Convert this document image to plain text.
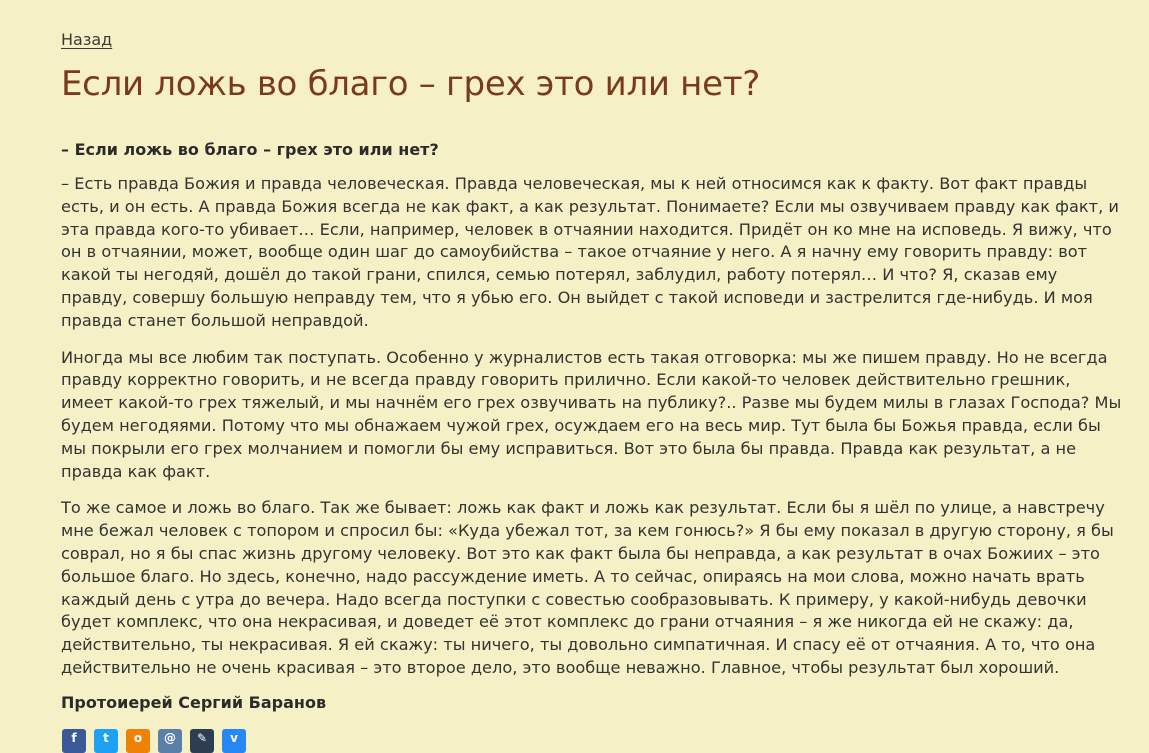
Назад
Если ложь во благо – грех это или нет?

– Если ложь во благо – грех это или нет?

– Есть правда Божия и правда человеческая. Правда человеческая, мы к ней относимся как к факту. Вот факт правды есть, и он есть. А правда Божия всегда не как факт, а как результат. Понимаете? Если мы озвучиваем правду как факт, и эта правда кого-то убивает… Если, например, человек в отчаянии находится. Придёт он ко мне на исповедь. Я вижу, что он в отчаянии, может, вообще один шаг до самоубийства – такое отчаяние у него. А я начну ему говорить правду: вот какой ты негодяй, дошёл до такой грани, спился, семью потерял, заблудил, работу потерял… И что? Я, сказав ему правду, совершу большую неправду тем, что я убью его. Он выйдет с такой исповеди и застрелится где-нибудь. И моя правда станет большой неправдой.

Иногда мы все любим так поступать. Особенно у журналистов есть такая отговорка: мы же пишем правду. Но не всегда правду корректно говорить, и не всегда правду говорить прилично. Если какой-то человек действительно грешник, имеет какой-то грех тяжелый, и мы начнём его грех озвучивать на публику?.. Разве мы будем милы в глазах Господа? Мы будем негодяями. Потому что мы обнажаем чужой грех, осуждаем его на весь мир. Тут была бы Божья правда, если бы мы покрыли его грех молчанием и помогли бы ему исправиться. Вот это была бы правда. Правда как результат, а не правда как факт.

То же самое и ложь во благо. Так же бывает: ложь как факт и ложь как результат. Если бы я шёл по улице, а навстречу мне бежал человек с топором и спросил бы: «Куда убежал тот, за кем гонюсь?» Я бы ему показал в другую сторону, я бы соврал, но я бы спас жизнь другому человеку. Вот это как факт была бы неправда, а как результат в очах Божиих – это большое благо. Но здесь, конечно, надо рассуждение иметь. А то сейчас, опираясь на мои слова, можно начать врать каждый день с утра до вечера. Надо всегда поступки с совестью сообразовывать. К примеру, у какой-нибудь девочки будет комплекс, что она некрасивая, и доведет её этот комплекс до грани отчаяния – я же никогда ей не скажу: да, действительно, ты некрасивая. Я ей скажу: ты ничего, ты довольно симпатичная. И спасу её от отчаяния. А то, что она действительно не очень красивая – это второе дело, это вообще неважно. Главное, чтобы результат был хороший.

Протоиерей Сергий Баранов

f t o @ ✎ v
